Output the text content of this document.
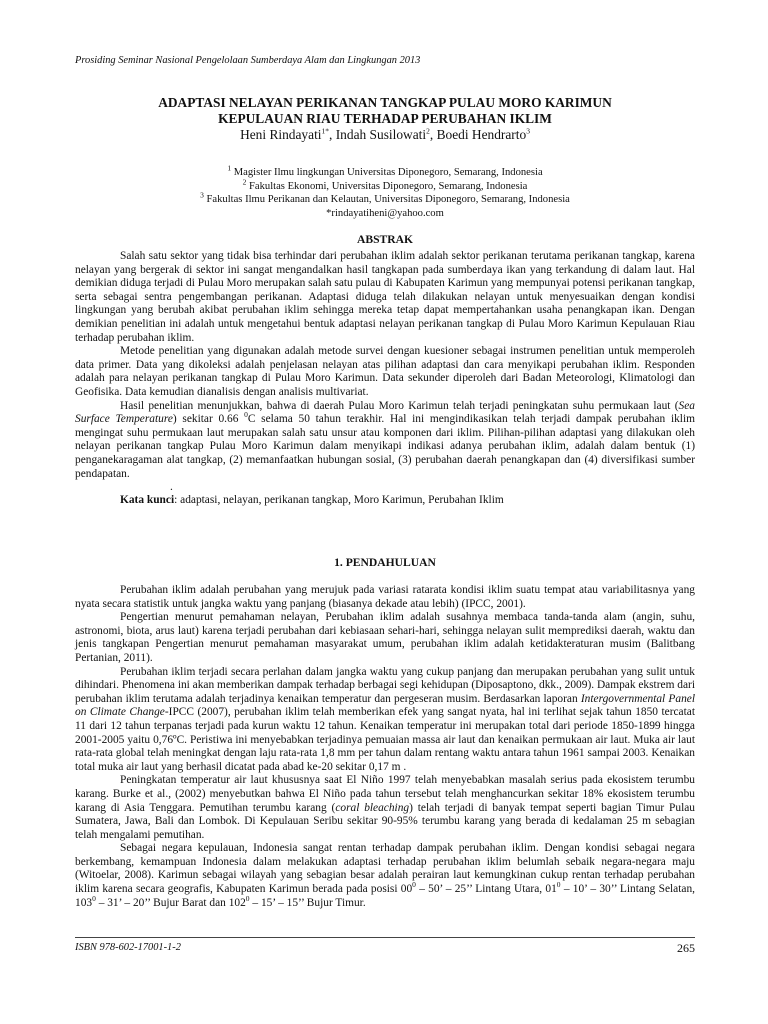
Prosiding Seminar Nasional Pengelolaan Sumberdaya Alam dan Lingkungan 2013
ADAPTASI NELAYAN PERIKANAN TANGKAP PULAU MORO KARIMUN
KEPULAUAN RIAU TERHADAP PERUBAHAN IKLIM
Heni Rindayati$^{1*}$, Indah Susilowati$^2$, Boedi Hendrarto$^3$
$^1$ Magister Ilmu lingkungan Universitas Diponegoro, Semarang, Indonesia
$^2$ Fakultas Ekonomi, Universitas Diponegoro, Semarang, Indonesia
$^3$ Fakultas Ilmu Perikanan dan Kelautan, Universitas Diponegoro, Semarang, Indonesia
*rindayatiheni@yahoo.com
ABSTRAK

Salah satu sektor yang tidak bisa terhindar dari perubahan iklim adalah sektor perikanan terutama perikanan tangkap, karena nelayan yang bergerak di sektor ini sangat mengandalkan hasil tangkapan pada sumberdaya ikan yang terkandung di dalam laut. Hal demikian diduga terjadi di Pulau Moro merupakan salah satu pulau di Kabupaten Karimun yang mempunyai potensi perikanan tangkap, serta sebagai sentra pengembangan perikanan. Adaptasi diduga telah dilakukan nelayan untuk menyesuaikan dengan kondisi lingkungan yang berubah akibat perubahan iklim sehingga mereka tetap dapat mempertahankan usaha penangkapan ikan. Dengan demikian penelitian ini adalah untuk mengetahui bentuk adaptasi nelayan perikanan tangkap di Pulau Moro Karimun Kepulauan Riau terhadap perubahan iklim.

Metode penelitian yang digunakan adalah metode survei dengan kuesioner sebagai instrumen penelitian untuk memperoleh data primer. Data yang dikoleksi adalah penjelasan nelayan atas pilihan adaptasi dan cara menyikapi perubahan iklim. Responden adalah para nelayan perikanan tangkap di Pulau Moro Karimun. Data sekunder diperoleh dari Badan Meteorologi, Klimatologi dan Geofisika. Data kemudian dianalisis dengan analisis multivariat.

Hasil penelitian menunjukkan, bahwa di daerah Pulau Moro Karimun telah terjadi peningkatan suhu permukaan laut (Sea Surface Temperature) sekitar 0.66 $^0$C selama 50 tahun terakhir. Hal ini mengindikasikan telah terjadi dampak perubahan iklim mengingat suhu permukaan laut merupakan salah satu unsur atau komponen dari iklim. Pilihan-pilihan adaptasi yang dilakukan oleh nelayan perikanan tangkap Pulau Moro Karimun dalam menyikapi indikasi adanya perubahan iklim, adalah dalam bentuk (1) penganekaragaman alat tangkap, (2) memanfaatkan hubungan sosial, (3) perubahan daerah penangkapan dan (4) diversifikasi sumber pendapatan.

.

Kata kunci: adaptasi, nelayan, perikanan tangkap, Moro Karimun, Perubahan Iklim

1. PENDAHULUAN

Perubahan iklim adalah perubahan yang merujuk pada variasi ratarata kondisi iklim suatu tempat atau variabilitasnya yang nyata secara statistik untuk jangka waktu yang panjang (biasanya dekade atau lebih) (IPCC, 2001).

Pengertian menurut pemahaman nelayan, Perubahan iklim adalah susahnya membaca tanda-tanda alam (angin, suhu, astronomi, biota, arus laut) karena terjadi perubahan dari kebiasaan sehari-hari, sehingga nelayan sulit memprediksi daerah, waktu dan jenis tangkapan Pengertian menurut pemahaman masyarakat umum, perubahan iklim adalah ketidakteraturan musim (Balitbang Pertanian, 2011).

Perubahan iklim terjadi secara perlahan dalam jangka waktu yang cukup panjang dan merupakan perubahan yang sulit untuk dihindari. Phenomena ini akan memberikan dampak terhadap berbagai segi kehidupan (Diposaptono, dkk., 2009). Dampak ekstrem dari perubahan iklim terutama adalah terjadinya kenaikan temperatur dan pergeseran musim. Berdasarkan laporan Intergovernmental Panel on Climate Change-IPCC (2007), perubahan iklim telah memberikan efek yang sangat nyata, hal ini terlihat sejak tahun 1850 tercatat 11 dari 12 tahun terpanas terjadi pada kurun waktu 12 tahun. Kenaikan temperatur ini merupakan total dari periode 1850-1899 hingga 2001-2005 yaitu 0,76ºC. Peristiwa ini menyebabkan terjadinya pemuaian massa air laut dan kenaikan permukaan air laut. Muka air laut rata-rata global telah meningkat dengan laju rata-rata 1,8 mm per tahun dalam rentang waktu antara tahun 1961 sampai 2003. Kenaikan total muka air laut yang berhasil dicatat pada abad ke-20 sekitar 0,17 m .

Peningkatan temperatur air laut khususnya saat El Niño 1997 telah menyebabkan masalah serius pada ekosistem terumbu karang. Burke et al., (2002) menyebutkan bahwa El Niño pada tahun tersebut telah menghancurkan sekitar 18% ekosistem terumbu karang di Asia Tenggara. Pemutihan terumbu karang (coral bleaching) telah terjadi di banyak tempat seperti bagian Timur Pulau Sumatera, Jawa, Bali dan Lombok. Di Kepulauan Seribu sekitar 90-95% terumbu karang yang berada di kedalaman 25 m sebagian telah mengalami pemutihan.

Sebagai negara kepulauan, Indonesia sangat rentan terhadap dampak perubahan iklim. Dengan kondisi sebagai negara berkembang, kemampuan Indonesia dalam melakukan adaptasi terhadap perubahan iklim belumlah sebaik negara-negara maju (Witoelar, 2008). Karimun sebagai wilayah yang sebagian besar adalah perairan laut kemungkinan cukup rentan terhadap perubahan iklim karena secara geografis, Kabupaten Karimun berada pada posisi $00^0 - 50$’ – 25’’ Lintang Utara, $01^0 - 10$’ – 30’’ Lintang Selatan, $103^0 - 31$’ – 20’’ Bujur Barat dan $102^0 - 15$’ – 15’’ Bujur Timur.

ISBN 978-602-17001-1-2	265
